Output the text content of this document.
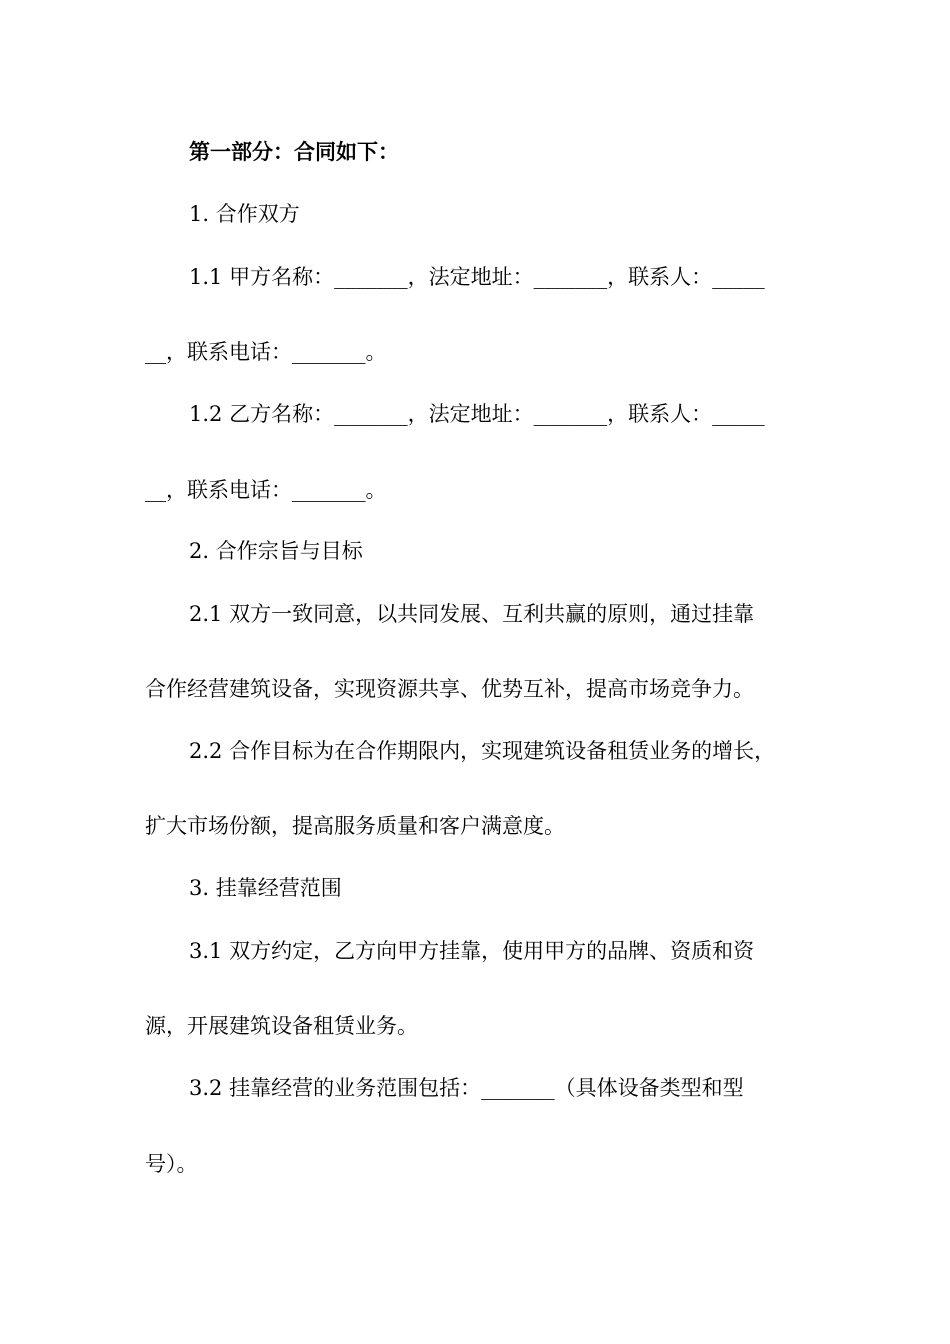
第一部分：合同如下：
1. 合作双方
1.1 甲方名称：_______，法定地址：_______，联系人：_____
__，联系电话：_______。
1.2 乙方名称：_______，法定地址：_______，联系人：_____
__，联系电话：_______。
2. 合作宗旨与目标
2.1 双方一致同意，以共同发展、互利共赢的原则，通过挂靠
合作经营建筑设备，实现资源共享、优势互补，提高市场竞争力。
2.2 合作目标为在合作期限内，实现建筑设备租赁业务的增长，
扩大市场份额，提高服务质量和客户满意度。
3. 挂靠经营范围
3.1 双方约定，乙方向甲方挂靠，使用甲方的品牌、资质和资
源，开展建筑设备租赁业务。
3.2 挂靠经营的业务范围包括：_______（具体设备类型和型
号）。
